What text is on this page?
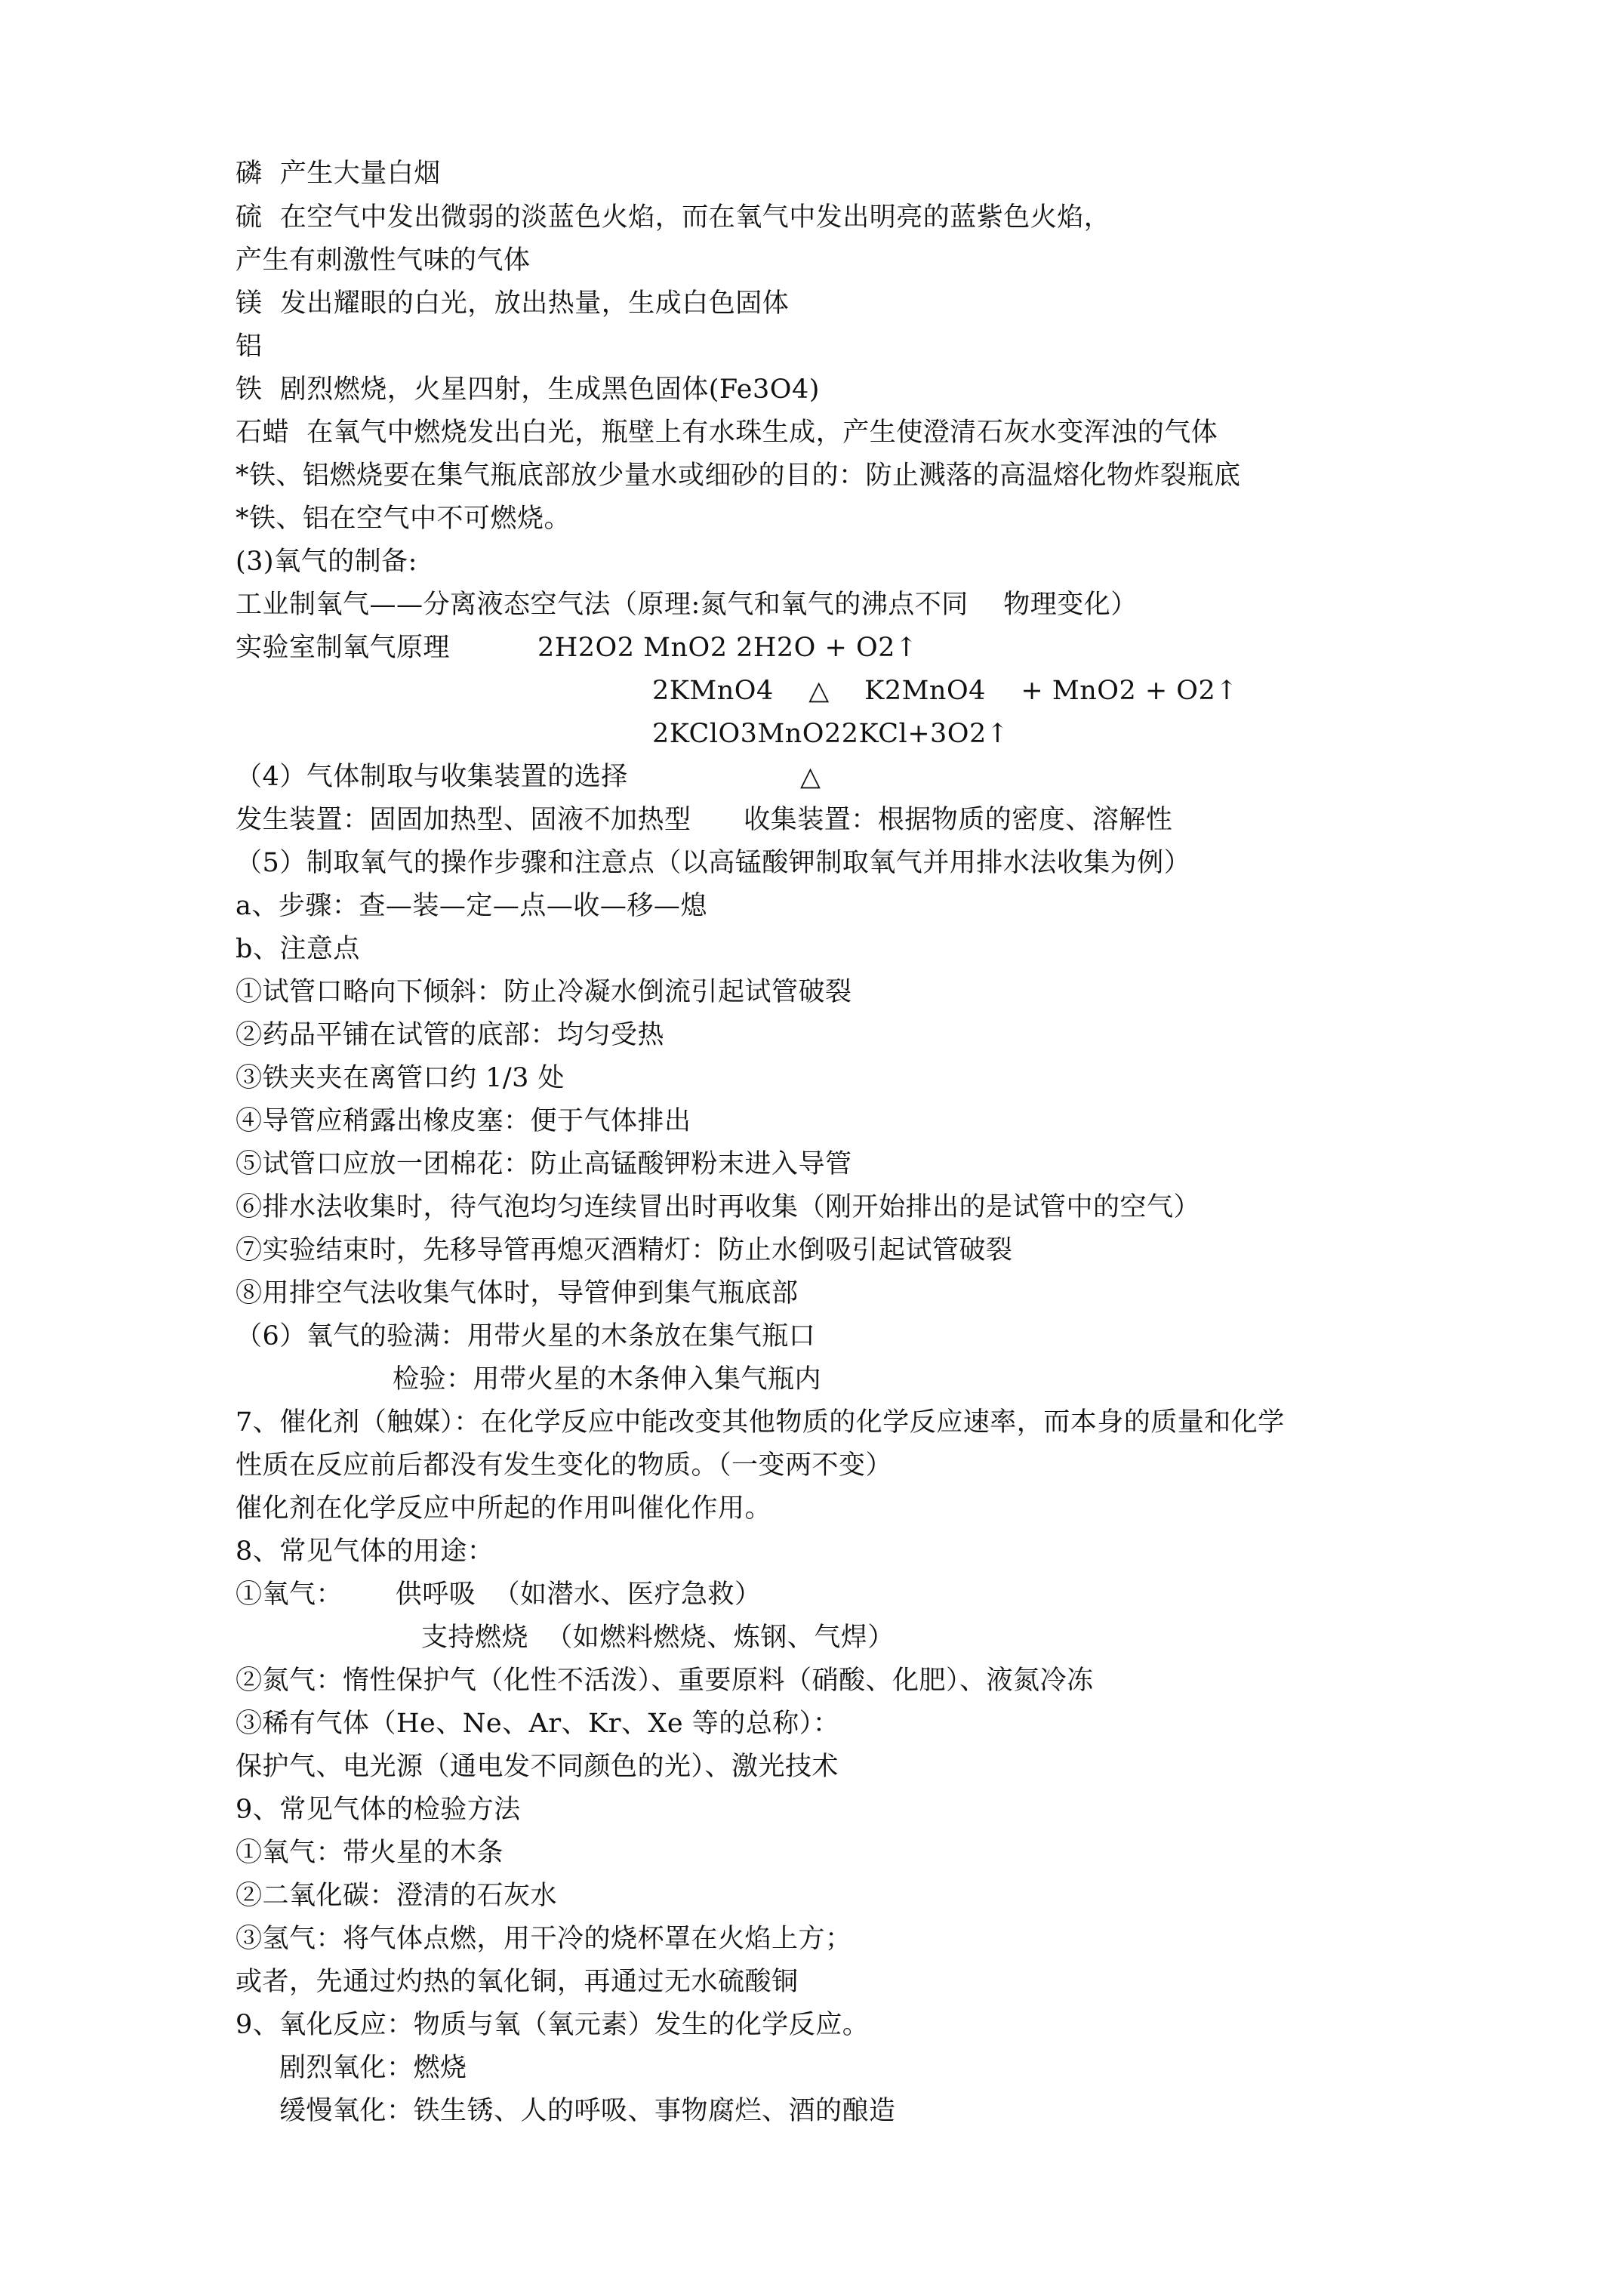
磷  产生大量白烟
硫  在空气中发出微弱的淡蓝色火焰，而在氧气中发出明亮的蓝紫色火焰，
产生有刺激性气味的气体
镁  发出耀眼的白光，放出热量，生成白色固体
铝
铁  剧烈燃烧，火星四射，生成黑色固体(Fe3O4)
石蜡  在氧气中燃烧发出白光，瓶壁上有水珠生成，产生使澄清石灰水变浑浊的气体
*铁、铝燃烧要在集气瓶底部放少量水或细砂的目的：防止溅落的高温熔化物炸裂瓶底
*铁、铝在空气中不可燃烧。
(3)氧气的制备:
工业制氧气——分离液态空气法（原理:氮气和氧气的沸点不同    物理变化）
实验室制氧气原理	2H2O2 MnO2 2H2O + O2↑
2KMnO4    △    K2MnO4    + MnO2 + O2↑
2KClO3MnO22KCl+3O2↑
（4）气体制取与收集装置的选择	△
发生装置：固固加热型、固液不加热型      收集装置：根据物质的密度、溶解性
（5）制取氧气的操作步骤和注意点（以高锰酸钾制取氧气并用排水法收集为例）
a、步骤：查—装—定—点—收—移—熄
b、注意点
①试管口略向下倾斜：防止冷凝水倒流引起试管破裂
②药品平铺在试管的底部：均匀受热
③铁夹夹在离管口约 1/3 处
④导管应稍露出橡皮塞：便于气体排出
⑤试管口应放一团棉花：防止高锰酸钾粉末进入导管
⑥排水法收集时，待气泡均匀连续冒出时再收集（刚开始排出的是试管中的空气）
⑦实验结束时，先移导管再熄灭酒精灯：防止水倒吸引起试管破裂
⑧用排空气法收集气体时，导管伸到集气瓶底部
（6）氧气的验满：用带火星的木条放在集气瓶口
检验：用带火星的木条伸入集气瓶内
7、催化剂（触媒）：在化学反应中能改变其他物质的化学反应速率，而本身的质量和化学
性质在反应前后都没有发生变化的物质。（一变两不变）
催化剂在化学反应中所起的作用叫催化作用。
8、常见气体的用途：
①氧气：      供呼吸  （如潜水、医疗急救）
支持燃烧  （如燃料燃烧、炼钢、气焊）
②氮气：惰性保护气（化性不活泼）、重要原料（硝酸、化肥）、液氮冷冻
③稀有气体（He、Ne、Ar、Kr、Xe 等的总称）：
保护气、电光源（通电发不同颜色的光）、激光技术
9、常见气体的检验方法
①氧气：带火星的木条
②二氧化碳：澄清的石灰水
③氢气：将气体点燃，用干冷的烧杯罩在火焰上方；
或者，先通过灼热的氧化铜，再通过无水硫酸铜
9、氧化反应：物质与氧（氧元素）发生的化学反应。
剧烈氧化：燃烧
缓慢氧化：铁生锈、人的呼吸、事物腐烂、酒的酿造
